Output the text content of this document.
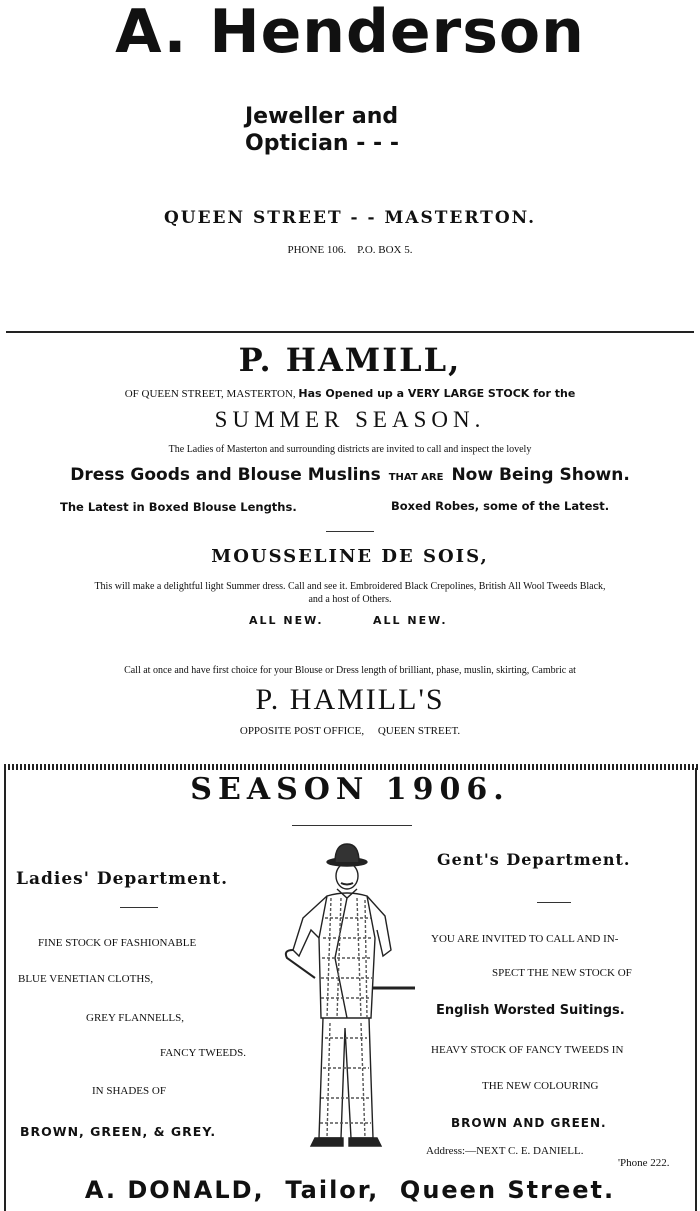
A. Henderson
Jeweller and
Optician - - -
QUEEN STREET - - MASTERTON.
PHONE 106.    P.O. BOX 5.
P. HAMILL,
OF QUEEN STREET, MASTERTON, Has Opened up a VERY LARGE STOCK for the
SUMMER SEASON.
The Ladies of Masterton and surrounding districts are invited to call and inspect the lovely
Dress Goods and Blouse Muslins THAT ARE Now Being Shown.
The Latest in Boxed Blouse Lengths.	Boxed Robes, some of the Latest.
MOUSSELINE DE SOIS,
This will make a delightful light Summer dress. Call and see it. Embroidered Black Crepolines, British All Wool Tweeds Black,
and a host of Others.
ALL NEW.	ALL NEW.
Call at once and have first choice for your Blouse or Dress length of brilliant, phase, muslin, skirting, Cambric at
P. HAMILL'S
OPPOSITE POST OFFICE,     QUEEN STREET.
SEASON 1906.
Ladies' Department.
FINE STOCK OF FASHIONABLE
BLUE VENETIAN CLOTHS,
GREY FLANNELLS,
FANCY TWEEDS.
IN SHADES OF
BROWN, GREEN, & GREY.
Gent's Department.
YOU ARE INVITED TO CALL AND IN-
SPECT THE NEW STOCK OF
English Worsted Suitings.
HEAVY STOCK OF FANCY TWEEDS IN
THE NEW COLOURING
BROWN AND GREEN.
Address:—NEXT C. E. DANIELL.
'Phone 222.
A. DONALD,  Tailor,  Queen Street.
